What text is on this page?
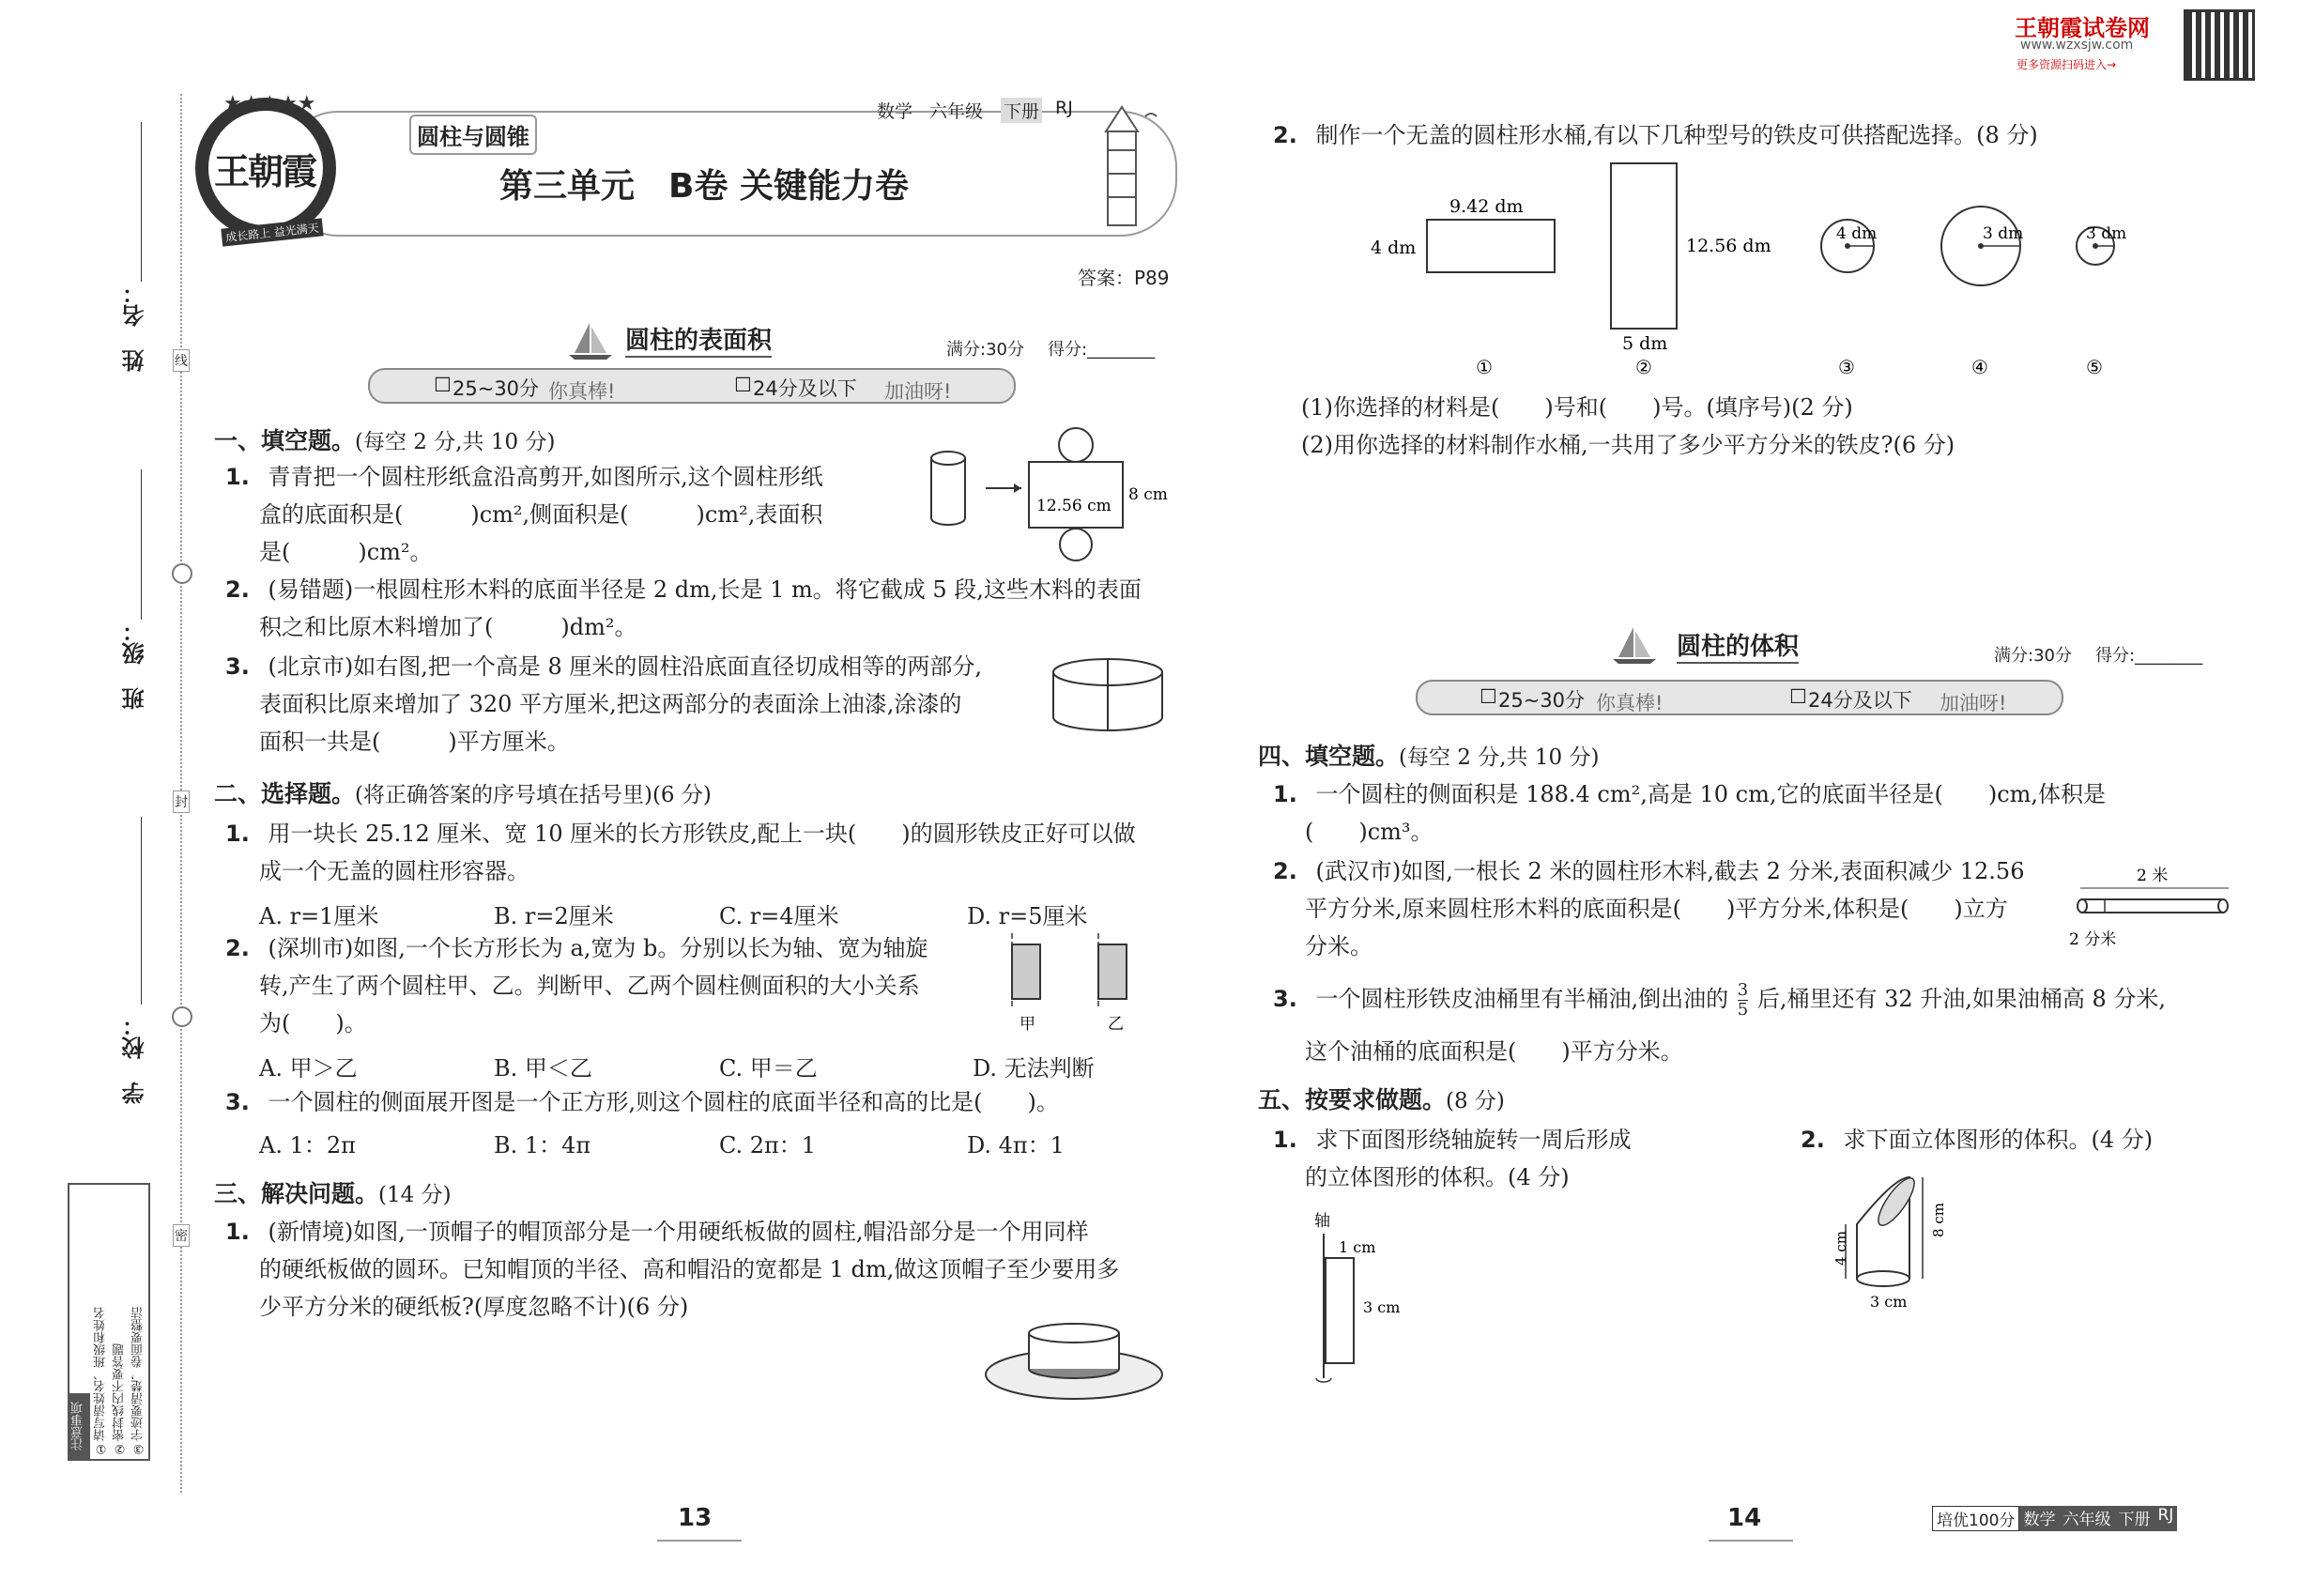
姓　名：
班　级：
学　校：
线
封
密
注意事项 ①请写清姓名、班级和姓名 ②密封线内不要答题 ③字迹要清楚，卷面要整洁
★★★★★
王朝霞
成长路上 益光满天
圆柱与圆锥
数学 六年级 下册 RJ
第三单元　B卷 关键能力卷
答案：P89
圆柱的表面积	满分:30分 得分:________
☐ 25~30分 你真棒!	☐ 24分及以下 加油呀!
一、填空题。(每空 2 分,共 10 分)
1. 青青把一个圆柱形纸盒沿高剪开,如图所示,这个圆柱形纸
盒的底面积是(　　　)cm²,侧面积是(　　　)cm²,表面积
是(　　　)cm²。
12.56 cm
8 cm
2. (易错题)一根圆柱形木料的底面半径是 2 dm,长是 1 m。将它截成 5 段,这些木料的表面
积之和比原木料增加了(　　　)dm²。
3. (北京市)如右图,把一个高是 8 厘米的圆柱沿底面直径切成相等的两部分,
表面积比原来增加了 320 平方厘米,把这两部分的表面涂上油漆,涂漆的
面积一共是(　　　)平方厘米。
二、选择题。(将正确答案的序号填在括号里)(6 分)
1. 用一块长 25.12 厘米、宽 10 厘米的长方形铁皮,配上一块(　　)的圆形铁皮正好可以做
成一个无盖的圆柱形容器。
A. r=1厘米	B. r=2厘米	C. r=4厘米	D. r=5厘米
2. (深圳市)如图,一个长方形长为 a,宽为 b。分别以长为轴、宽为轴旋
转,产生了两个圆柱甲、乙。判断甲、乙两个圆柱侧面积的大小关系
为(　　)。	甲	乙
A. 甲＞乙	B. 甲＜乙	C. 甲＝乙	D. 无法判断
3. 一个圆柱的侧面展开图是一个正方形,则这个圆柱的底面半径和高的比是(　　)。
A. 1：2π	B. 1：4π	C. 2π：1	D. 4π：1
三、解决问题。(14 分)
1. (新情境)如图,一顶帽子的帽顶部分是一个用硬纸板做的圆柱,帽沿部分是一个用同样
的硬纸板做的圆环。已知帽顶的半径、高和帽沿的宽都是 1 dm,做这顶帽子至少要用多
少平方分米的硬纸板?(厚度忽略不计)(6 分)
13
王朝霞试卷网
www.wzxsjw.com
更多资源扫码进入→
2. 制作一个无盖的圆柱形水桶,有以下几种型号的铁皮可供搭配选择。(8 分)
9.42 dm
4 dm	12.56 dm
5 dm
4 dm	3 dm	3 dm
①	②	③	④	⑤
(1)你选择的材料是(　　)号和(　　)号。(填序号)(2 分)
(2)用你选择的材料制作水桶,一共用了多少平方分米的铁皮?(6 分)
圆柱的体积	满分:30分 得分:________
☐ 25~30分 你真棒!	☐ 24分及以下 加油呀!
四、填空题。(每空 2 分,共 10 分)
1. 一个圆柱的侧面积是 188.4 cm²,高是 10 cm,它的底面半径是(　　)cm,体积是
(　　)cm³。
2. (武汉市)如图,一根长 2 米的圆柱形木料,截去 2 分米,表面积减少 12.56
平方分米,原来圆柱形木料的底面积是(　　)平方分米,体积是(　　)立方
分米。
2 米
2 分米
3. 一个圆柱形铁皮油桶里有半桶油,倒出油的 $\frac{3}{5}$ 后,桶里还有 32 升油,如果油桶高 8 分米,
这个油桶的底面积是(　　)平方分米。
五、按要求做题。(8 分)
1. 求下面图形绕轴旋转一周后形成
的立体图形的体积。(4 分)
轴
1 cm
3 cm
2. 求下面立体图形的体积。(4 分)
4 cm
8 cm
3 cm
14	培优100分 数学 六年级 下册 RJ
